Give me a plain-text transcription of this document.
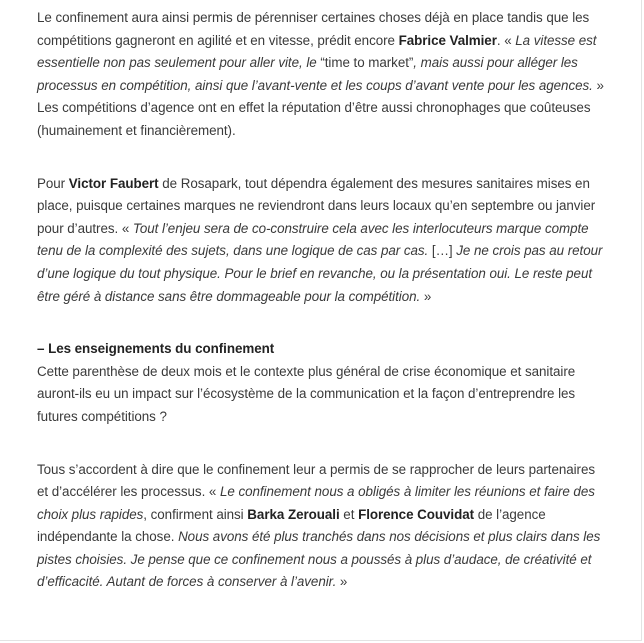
Le confinement aura ainsi permis de pérenniser certaines choses déjà en place tandis que les compétitions gagneront en agilité et en vitesse, prédit encore Fabrice Valmier. « La vitesse est essentielle non pas seulement pour aller vite, le “time to market”, mais aussi pour alléger les processus en compétition, ainsi que l’avant-vente et les coups d’avant vente pour les agences. » Les compétitions d’agence ont en effet la réputation d’être aussi chronophages que coûteuses (humainement et financièrement).

Pour Victor Faubert de Rosapark, tout dépendra également des mesures sanitaires mises en place, puisque certaines marques ne reviendront dans leurs locaux qu’en septembre ou janvier pour d’autres. « Tout l’enjeu sera de co-construire cela avec les interlocuteurs marque compte tenu de la complexité des sujets, dans une logique de cas par cas. […] Je ne crois pas au retour d’une logique du tout physique. Pour le brief en revanche, ou la présentation oui. Le reste peut être géré à distance sans être dommageable pour la compétition. »

– Les enseignements du confinement
Cette parenthèse de deux mois et le contexte plus général de crise économique et sanitaire auront-ils eu un impact sur l’écosystème de la communication et la façon d’entreprendre les futures compétitions ?

Tous s’accordent à dire que le confinement leur a permis de se rapprocher de leurs partenaires et d’accélérer les processus. « Le confinement nous a obligés à limiter les réunions et faire des choix plus rapides, confirment ainsi Barka Zerouali et Florence Couvidat de l’agence indépendante la chose. Nous avons été plus tranchés dans nos décisions et plus clairs dans les pistes choisies. Je pense que ce confinement nous a poussés à plus d’audace, de créativité et d’efficacité. Autant de forces à conserver à l’avenir. »
